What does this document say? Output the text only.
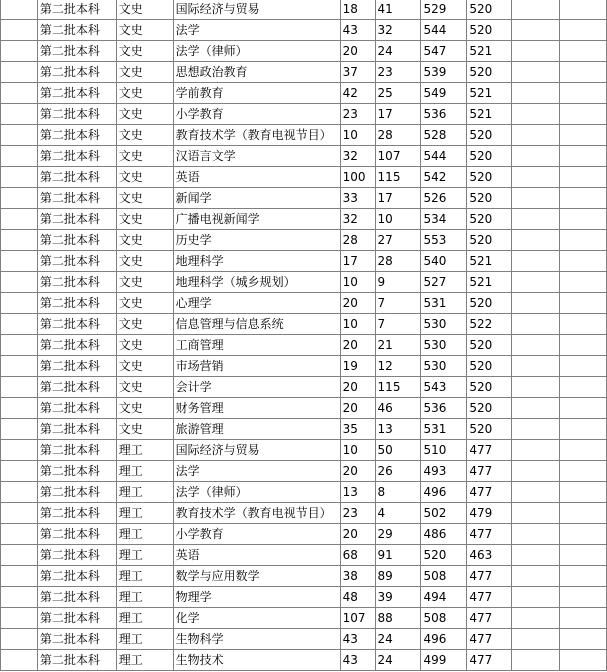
	第二批本科	文史	国际经济与贸易	18	41	529	520		
	第二批本科	文史	法学	43	32	544	520		
	第二批本科	文史	法学（律师）	20	24	547	521		
	第二批本科	文史	思想政治教育	37	23	539	520		
	第二批本科	文史	学前教育	42	25	549	521		
	第二批本科	文史	小学教育	23	17	536	521		
	第二批本科	文史	教育技术学（教育电视节目）	10	28	528	520		
	第二批本科	文史	汉语言文学	32	107	544	520		
	第二批本科	文史	英语	100	115	542	520		
	第二批本科	文史	新闻学	33	17	526	520		
	第二批本科	文史	广播电视新闻学	32	10	534	520		
	第二批本科	文史	历史学	28	27	553	520		
	第二批本科	文史	地理科学	17	28	540	521		
	第二批本科	文史	地理科学（城乡规划）	10	9	527	521		
	第二批本科	文史	心理学	20	7	531	520		
	第二批本科	文史	信息管理与信息系统	10	7	530	522		
	第二批本科	文史	工商管理	20	21	530	520		
	第二批本科	文史	市场营销	19	12	530	520		
	第二批本科	文史	会计学	20	115	543	520		
	第二批本科	文史	财务管理	20	46	536	520		
	第二批本科	文史	旅游管理	35	13	531	520		
	第二批本科	理工	国际经济与贸易	10	50	510	477		
	第二批本科	理工	法学	20	26	493	477		
	第二批本科	理工	法学（律师）	13	8	496	477		
	第二批本科	理工	教育技术学（教育电视节目）	23	4	502	479		
	第二批本科	理工	小学教育	20	29	486	477		
	第二批本科	理工	英语	68	91	520	463		
	第二批本科	理工	数学与应用数学	38	89	508	477		
	第二批本科	理工	物理学	48	39	494	477		
	第二批本科	理工	化学	107	88	508	477		
	第二批本科	理工	生物科学	43	24	496	477		
	第二批本科	理工	生物技术	43	24	499	477		
